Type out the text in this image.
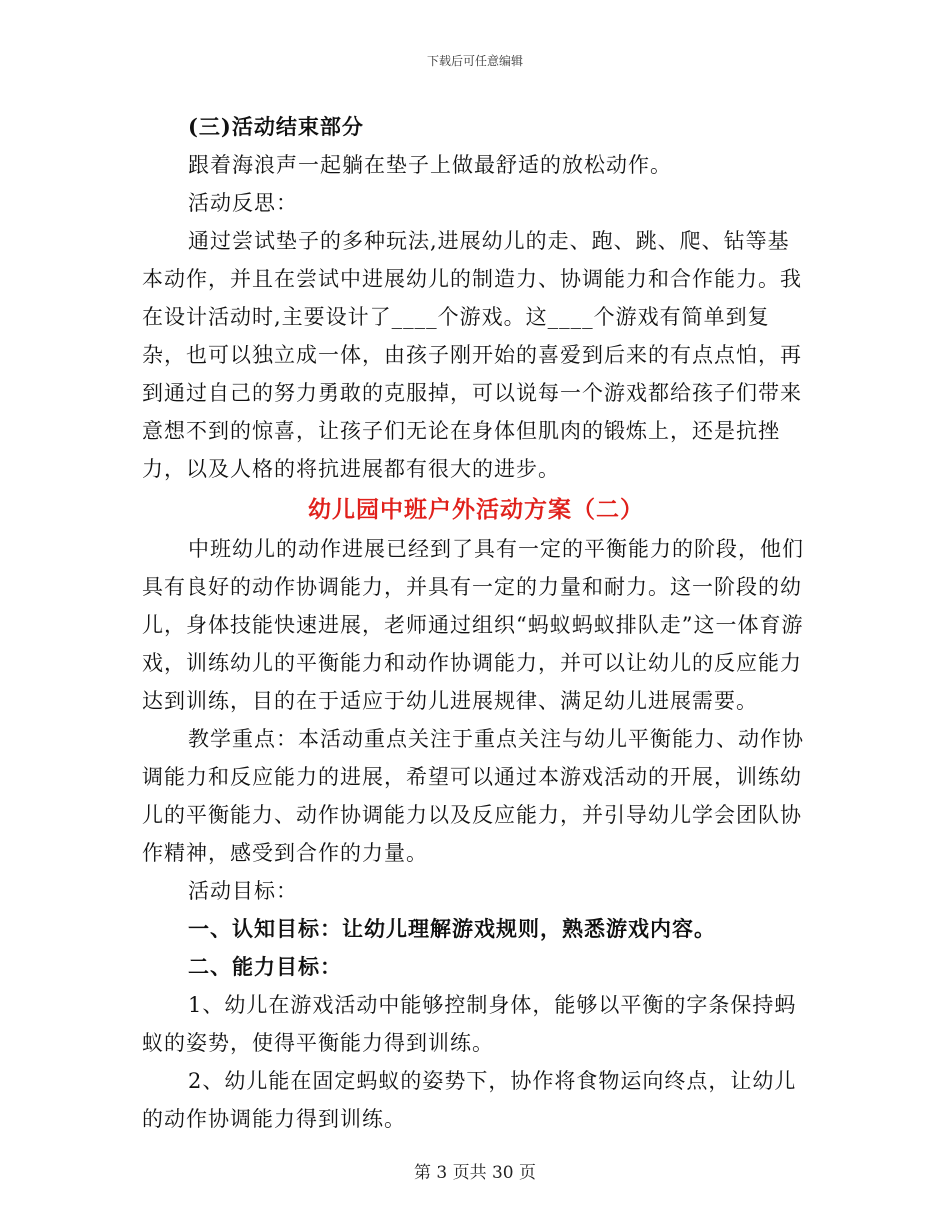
下载后可任意编辑

(三)活动结束部分

跟着海浪声一起躺在垫子上做最舒适的放松动作。

活动反思：

通过尝试垫子的多种玩法,进展幼儿的走、跑、跳、爬、钻等基本动作，并且在尝试中进展幼儿的制造力、协调能力和合作能力。我在设计活动时,主要设计了____个游戏。这____个游戏有简单到复杂，也可以独立成一体，由孩子刚开始的喜爱到后来的有点点怕，再到通过自己的努力勇敢的克服掉，可以说每一个游戏都给孩子们带来意想不到的惊喜，让孩子们无论在身体但肌肉的锻炼上，还是抗挫力，以及人格的将抗进展都有很大的进步。

幼儿园中班户外活动方案（二）

中班幼儿的动作进展已经到了具有一定的平衡能力的阶段，他们具有良好的动作协调能力，并具有一定的力量和耐力。这一阶段的幼儿，身体技能快速进展，老师通过组织“蚂蚁蚂蚁排队走”这一体育游戏，训练幼儿的平衡能力和动作协调能力，并可以让幼儿的反应能力达到训练，目的在于适应于幼儿进展规律、满足幼儿进展需要。

教学重点：本活动重点关注于重点关注与幼儿平衡能力、动作协调能力和反应能力的进展，希望可以通过本游戏活动的开展，训练幼儿的平衡能力、动作协调能力以及反应能力，并引导幼儿学会团队协作精神，感受到合作的力量。

活动目标：

一、认知目标：让幼儿理解游戏规则，熟悉游戏内容。

二、能力目标：

1、幼儿在游戏活动中能够控制身体，能够以平衡的字条保持蚂蚁的姿势，使得平衡能力得到训练。

2、幼儿能在固定蚂蚁的姿势下，协作将食物运向终点，让幼儿的动作协调能力得到训练。

第 3 页共 30 页
